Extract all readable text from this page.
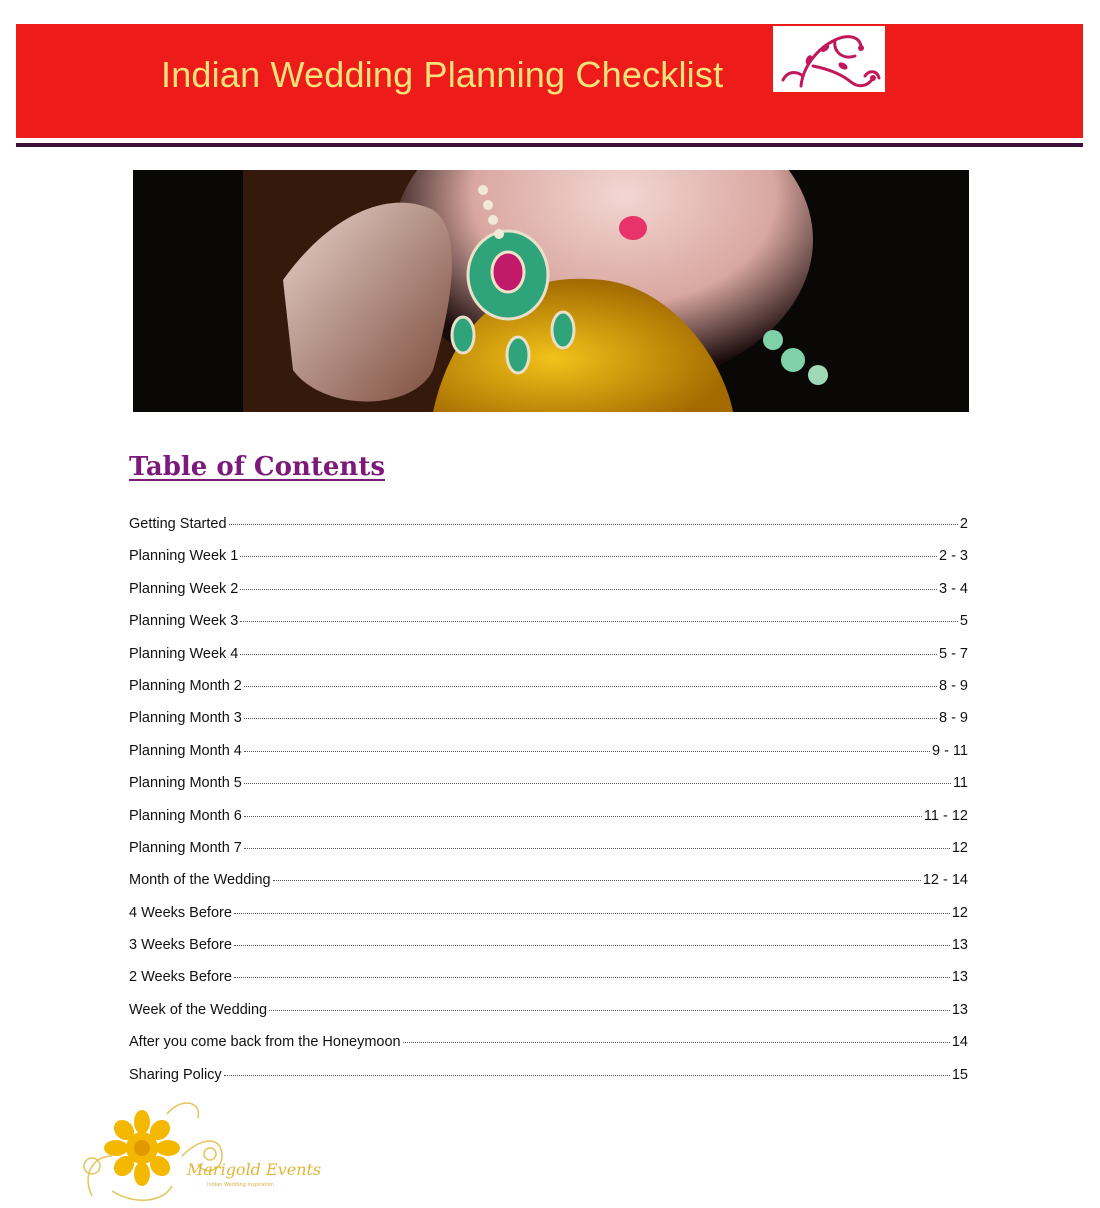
Indian Wedding Planning Checklist
Table of Contents
Getting Started	2
Planning Week 1	2 - 3
Planning Week 2	3 - 4
Planning Week 3	5
Planning Week 4	5 - 7
Planning Month 2	8 - 9
Planning Month 3	8 - 9
Planning Month 4	9 - 11
Planning Month 5	11
Planning Month 6	11 - 12
Planning Month 7	12
Month of the Wedding	12 - 14
4 Weeks Before	12
3 Weeks Before	13
2 Weeks Before	13
Week of the Wedding	13
After you come back from the Honeymoon	14
Sharing Policy	15
Marigold Events
Indian Wedding Inspiration
